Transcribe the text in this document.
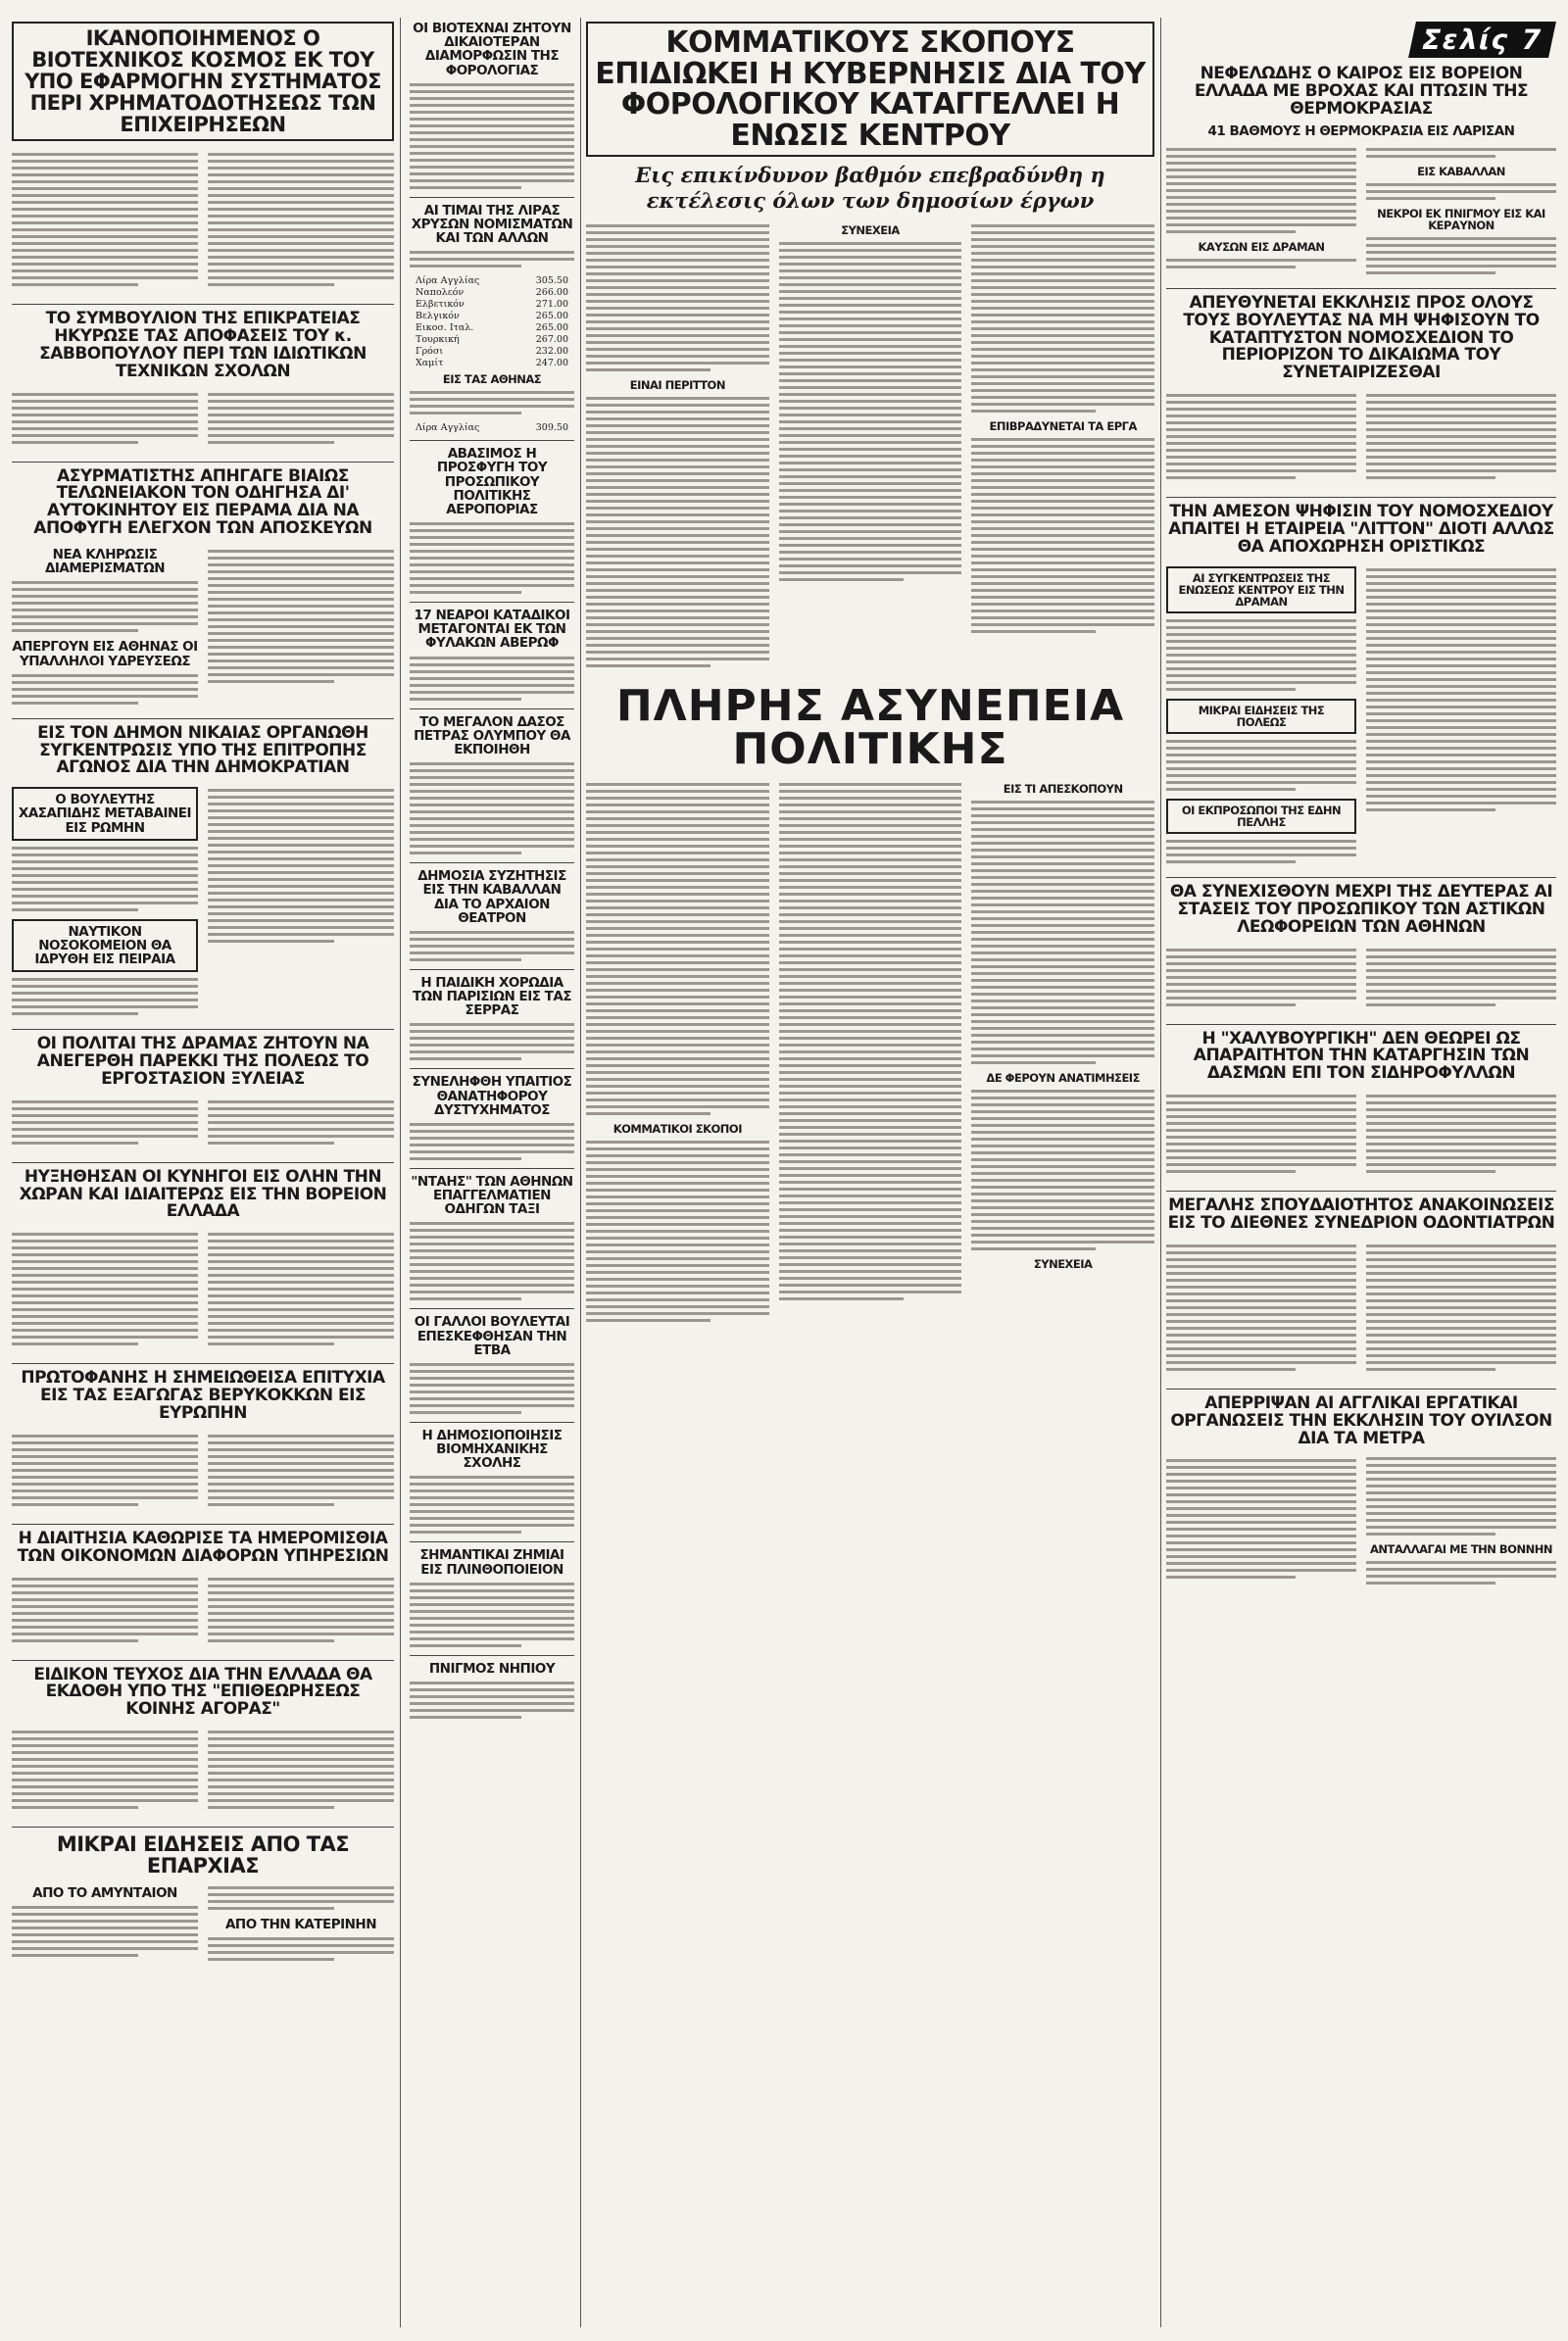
ΙΚΑΝΟΠΟΙΗΜΕΝΟΣ Ο ΒΙΟΤΕΧΝΙΚΟΣ ΚΟΣΜΟΣ ΕΚ ΤΟΥ ΥΠΟ ΕΦΑΡΜΟΓΗΝ ΣΥΣΤΗΜΑΤΟΣ ΠΕΡΙ ΧΡΗΜΑΤΟΔΟΤΗΣΕΩΣ ΤΩΝ ΕΠΙΧΕΙΡΗΣΕΩΝ
ΤΟ ΣΥΜΒΟΥΛΙΟΝ ΤΗΣ ΕΠΙΚΡΑΤΕΙΑΣ ΗΚΥΡΩΣΕ ΤΑΣ ΑΠΟΦΑΣΕΙΣ ΤΟΥ κ. ΣΑΒΒΟΠΟΥΛΟΥ ΠΕΡΙ ΤΩΝ ΙΔΙΩΤΙΚΩΝ ΤΕΧΝΙΚΩΝ ΣΧΟΛΩΝ
ΑΣΥΡΜΑΤΙΣΤΗΣ ΑΠΗΓΑΓΕ ΒΙΑΙΩΣ ΤΕΛΩΝΕΙΑΚΟΝ ΤΟΝ ΟΔΗΓΗΣΑ ΔΙ' ΑΥΤΟΚΙΝΗΤΟΥ ΕΙΣ ΠΕΡΑΜΑ ΔΙΑ ΝΑ ΑΠΟΦΥΓΗ ΕΛΕΓΧΟΝ ΤΩΝ ΑΠΟΣΚΕΥΩΝ
ΝΕΑ ΚΛΗΡΩΣΙΣ ΔΙΑΜΕΡΙΣΜΑΤΩΝ
ΑΠΕΡΓΟΥΝ ΕΙΣ ΑΘΗΝΑΣ ΟΙ ΥΠΑΛΛΗΛΟΙ ΥΔΡΕΥΣΕΩΣ
ΕΙΣ ΤΟΝ ΔΗΜΟΝ ΝΙΚΑΙΑΣ ΟΡΓΑΝΩΘΗ ΣΥΓΚΕΝΤΡΩΣΙΣ ΥΠΟ ΤΗΣ ΕΠΙΤΡΟΠΗΣ ΑΓΩΝΟΣ ΔΙΑ ΤΗΝ ΔΗΜΟΚΡΑΤΙΑΝ
Ο ΒΟΥΛΕΥΤΗΣ ΧΑΣΑΠΙΔΗΣ ΜΕΤΑΒΑΙΝΕΙ ΕΙΣ ΡΩΜΗΝ
ΝΑΥΤΙΚΟΝ ΝΟΣΟΚΟΜΕΙΟΝ ΘΑ ΙΔΡΥΘΗ ΕΙΣ ΠΕΙΡΑΙΑ
ΟΙ ΠΟΛΙΤΑΙ ΤΗΣ ΔΡΑΜΑΣ ΖΗΤΟΥΝ ΝΑ ΑΝΕΓΕΡΘΗ ΠΑΡΕΚΚΙ ΤΗΣ ΠΟΛΕΩΣ ΤΟ ΕΡΓΟΣΤΑΣΙΟΝ ΞΥΛΕΙΑΣ
ΗΥΞΗΘΗΣΑΝ ΟΙ ΚΥΝΗΓΟΙ ΕΙΣ ΟΛΗΝ ΤΗΝ ΧΩΡΑΝ ΚΑΙ ΙΔΙΑΙΤΕΡΩΣ ΕΙΣ ΤΗΝ ΒΟΡΕΙΟΝ ΕΛΛΑΔΑ
ΠΡΩΤΟΦΑΝΗΣ Η ΣΗΜΕΙΩΘΕΙΣΑ ΕΠΙΤΥΧΙΑ ΕΙΣ ΤΑΣ ΕΞΑΓΩΓΑΣ ΒΕΡΥΚΟΚΚΩΝ ΕΙΣ ΕΥΡΩΠΗΝ
Η ΔΙΑΙΤΗΣΙΑ ΚΑΘΩΡΙΣΕ ΤΑ ΗΜΕΡΟΜΙΣΘΙΑ ΤΩΝ ΟΙΚΟΝΟΜΩΝ ΔΙΑΦΟΡΩΝ ΥΠΗΡΕΣΙΩΝ
ΕΙΔΙΚΟΝ ΤΕΥΧΟΣ ΔΙΑ ΤΗΝ ΕΛΛΑΔΑ ΘΑ ΕΚΔΟΘΗ ΥΠΟ ΤΗΣ "ΕΠΙΘΕΩΡΗΣΕΩΣ ΚΟΙΝΗΣ ΑΓΟΡΑΣ"
ΜΙΚΡΑΙ ΕΙΔΗΣΕΙΣ ΑΠΟ ΤΑΣ ΕΠΑΡΧΙΑΣ
ΑΠΟ ΤΟ ΑΜΥΝΤΑΙΟΝ
ΑΠΟ ΤΗΝ ΚΑΤΕΡΙΝΗΝ
ΟΙ ΒΙΟΤΕΧΝΑΙ ΖΗΤΟΥΝ ΔΙΚΑΙΟΤΕΡΑΝ ΔΙΑΜΟΡΦΩΣΙΝ ΤΗΣ ΦΟΡΟΛΟΓΙΑΣ
ΑΙ ΤΙΜΑΙ ΤΗΣ ΛΙΡΑΣ ΧΡΥΣΩΝ ΝΟΜΙΣΜΑΤΩΝ ΚΑΙ ΤΩΝ ΑΛΛΩΝ
Λίρα Αγγλίας	305.50
Ναπολεόν	266.00
Ελβετικόν	271.00
Βελγικόν	265.00
Εικοσ. Ιταλ.	265.00
Τουρκική	267.00
Γρόσι	232.00
Χαμίτ	247.00
ΕΙΣ ΤΑΣ ΑΘΗΝΑΣ
Λίρα Αγγλίας	309.50
ΑΒΑΣΙΜΟΣ Η ΠΡΟΣΦΥΓΗ ΤΟΥ ΠΡΟΣΩΠΙΚΟΥ ΠΟΛΙΤΙΚΗΣ ΑΕΡΟΠΟΡΙΑΣ
17 ΝΕΑΡΟΙ ΚΑΤΑΔΙΚΟΙ ΜΕΤΑΓΟΝΤΑΙ ΕΚ ΤΩΝ ΦΥΛΑΚΩΝ ΑΒΕΡΩΦ
ΤΟ ΜΕΓΑΛΟΝ ΔΑΣΟΣ ΠΕΤΡΑΣ ΟΛΥΜΠΟΥ ΘΑ ΕΚΠΟΙΗΘΗ
ΔΗΜΟΣΙΑ ΣΥΖΗΤΗΣΙΣ ΕΙΣ ΤΗΝ ΚΑΒΑΛΛΑΝ ΔΙΑ ΤΟ ΑΡΧΑΙΟΝ ΘΕΑΤΡΟΝ
Η ΠΑΙΔΙΚΗ ΧΟΡΩΔΙΑ ΤΩΝ ΠΑΡΙΣΙΩΝ ΕΙΣ ΤΑΣ ΣΕΡΡΑΣ
ΣΥΝΕΛΗΦΘΗ ΥΠΑΙΤΙΟΣ ΘΑΝΑΤΗΦΟΡΟΥ ΔΥΣΤΥΧΗΜΑΤΟΣ
"ΝΤΑΗΣ" ΤΩΝ ΑΘΗΝΩΝ ΕΠΑΓΓΕΛΜΑΤΙΕΝ ΟΔΗΓΩΝ ΤΑΞΙ
ΟΙ ΓΑΛΛΟΙ ΒΟΥΛΕΥΤΑΙ ΕΠΕΣΚΕΦΘΗΣΑΝ ΤΗΝ ΕΤΒΑ
Η ΔΗΜΟΣΙΟΠΟΙΗΣΙΣ ΒΙΟΜΗΧΑΝΙΚΗΣ ΣΧΟΛΗΣ
ΣΗΜΑΝΤΙΚΑΙ ΖΗΜΙΑΙ ΕΙΣ ΠΛΙΝΘΟΠΟΙΕΙΟΝ
ΠΝΙΓΜΟΣ ΝΗΠΙΟΥ
ΚΟΜΜΑΤΙΚΟΥΣ ΣΚΟΠΟΥΣ ΕΠΙΔΙΩΚΕΙ Η ΚΥΒΕΡΝΗΣΙΣ ΔΙΑ ΤΟΥ ΦΟΡΟΛΟΓΙΚΟΥ ΚΑΤΑΓΓΕΛΛΕΙ Η ΕΝΩΣΙΣ ΚΕΝΤΡΟΥ
Εις επικίνδυνον βαθμόν επεβραδύνθη η εκτέλεσις όλων των δημοσίων έργων
ΕΙΝΑΙ ΠΕΡΙΤΤΟΝ
ΣΥΝΕΧΕΙΑ
ΕΠΙΒΡΑΔΥΝΕΤΑΙ ΤΑ ΕΡΓΑ
ΠΛΗΡΗΣ ΑΣΥΝΕΠΕΙΑ ΠΟΛΙΤΙΚΗΣ
ΚΟΜΜΑΤΙΚΟΙ ΣΚΟΠΟΙ
ΕΙΣ ΤΙ ΑΠΕΣΚΟΠΟΥΝ
ΔΕ ΦΕΡΟΥΝ ΑΝΑΤΙΜΗΣΕΙΣ
ΣΥΝΕΧΕΙΑ
Σελίς 7
ΝΕΦΕΛΩΔΗΣ Ο ΚΑΙΡΟΣ ΕΙΣ ΒΟΡΕΙΟΝ ΕΛΛΑΔΑ ΜΕ ΒΡΟΧΑΣ ΚΑΙ ΠΤΩΣΙΝ ΤΗΣ ΘΕΡΜΟΚΡΑΣΙΑΣ
41 ΒΑΘΜΟΥΣ Η ΘΕΡΜΟΚΡΑΣΙΑ ΕΙΣ ΛΑΡΙΣΑΝ
ΚΑΥΣΩΝ ΕΙΣ ΔΡΑΜΑΝ
ΕΙΣ ΚΑΒΑΛΛΑΝ
ΝΕΚΡΟΙ ΕΚ ΠΝΙΓΜΟΥ ΕΙΣ ΚΑΙ ΚΕΡΑΥΝΟΝ
ΑΠΕΥΘΥΝΕΤΑΙ ΕΚΚΛΗΣΙΣ ΠΡΟΣ ΟΛΟΥΣ ΤΟΥΣ ΒΟΥΛΕΥΤΑΣ ΝΑ ΜΗ ΨΗΦΙΣΟΥΝ ΤΟ ΚΑΤΑΠΤΥΣΤΟΝ ΝΟΜΟΣΧΕΔΙΟΝ ΤΟ ΠΕΡΙΟΡΙΖΟΝ ΤΟ ΔΙΚΑΙΩΜΑ ΤΟΥ ΣΥΝΕΤΑΙΡΙΖΕΣΘΑΙ
ΤΗΝ ΑΜΕΣΟΝ ΨΗΦΙΣΙΝ ΤΟΥ ΝΟΜΟΣΧΕΔΙΟΥ ΑΠΑΙΤΕΙ Η ΕΤΑΙΡΕΙΑ "ΛΙΤΤΟΝ" ΔΙΟΤΙ ΑΛΛΩΣ ΘΑ ΑΠΟΧΩΡΗΣΗ ΟΡΙΣΤΙΚΩΣ
ΑΙ ΣΥΓΚΕΝΤΡΩΣΕΙΣ ΤΗΣ ΕΝΩΣΕΩΣ ΚΕΝΤΡΟΥ ΕΙΣ ΤΗΝ ΔΡΑΜΑΝ
ΜΙΚΡΑΙ ΕΙΔΗΣΕΙΣ ΤΗΣ ΠΟΛΕΩΣ
ΟΙ ΕΚΠΡΟΣΩΠΟΙ ΤΗΣ ΕΔΗΝ ΠΕΛΛΗΣ
ΘΑ ΣΥΝΕΧΙΣΘΟΥΝ ΜΕΧΡΙ ΤΗΣ ΔΕΥΤΕΡΑΣ ΑΙ ΣΤΑΣΕΙΣ ΤΟΥ ΠΡΟΣΩΠΙΚΟΥ ΤΩΝ ΑΣΤΙΚΩΝ ΛΕΩΦΟΡΕΙΩΝ ΤΩΝ ΑΘΗΝΩΝ
Η "ΧΑΛΥΒΟΥΡΓΙΚΗ" ΔΕΝ ΘΕΩΡΕΙ ΩΣ ΑΠΑΡΑΙΤΗΤΟΝ ΤΗΝ ΚΑΤΑΡΓΗΣΙΝ ΤΩΝ ΔΑΣΜΩΝ ΕΠΙ ΤΟΝ ΣΙΔΗΡΟΦΥΛΛΩΝ
ΜΕΓΑΛΗΣ ΣΠΟΥΔΑΙΟΤΗΤΟΣ ΑΝΑΚΟΙΝΩΣΕΙΣ ΕΙΣ ΤΟ ΔΙΕΘΝΕΣ ΣΥΝΕΔΡΙΟΝ ΟΔΟΝΤΙΑΤΡΩΝ
ΑΠΕΡΡΙΨΑΝ ΑΙ ΑΓΓΛΙΚΑΙ ΕΡΓΑΤΙΚΑΙ ΟΡΓΑΝΩΣΕΙΣ ΤΗΝ ΕΚΚΛΗΣΙΝ ΤΟΥ ΟΥΙΛΣΟΝ ΔΙΑ ΤΑ ΜΕΤΡΑ
ΑΝΤΑΛΛΑΓΑΙ ΜΕ ΤΗΝ ΒΟΝΝΗΝ
